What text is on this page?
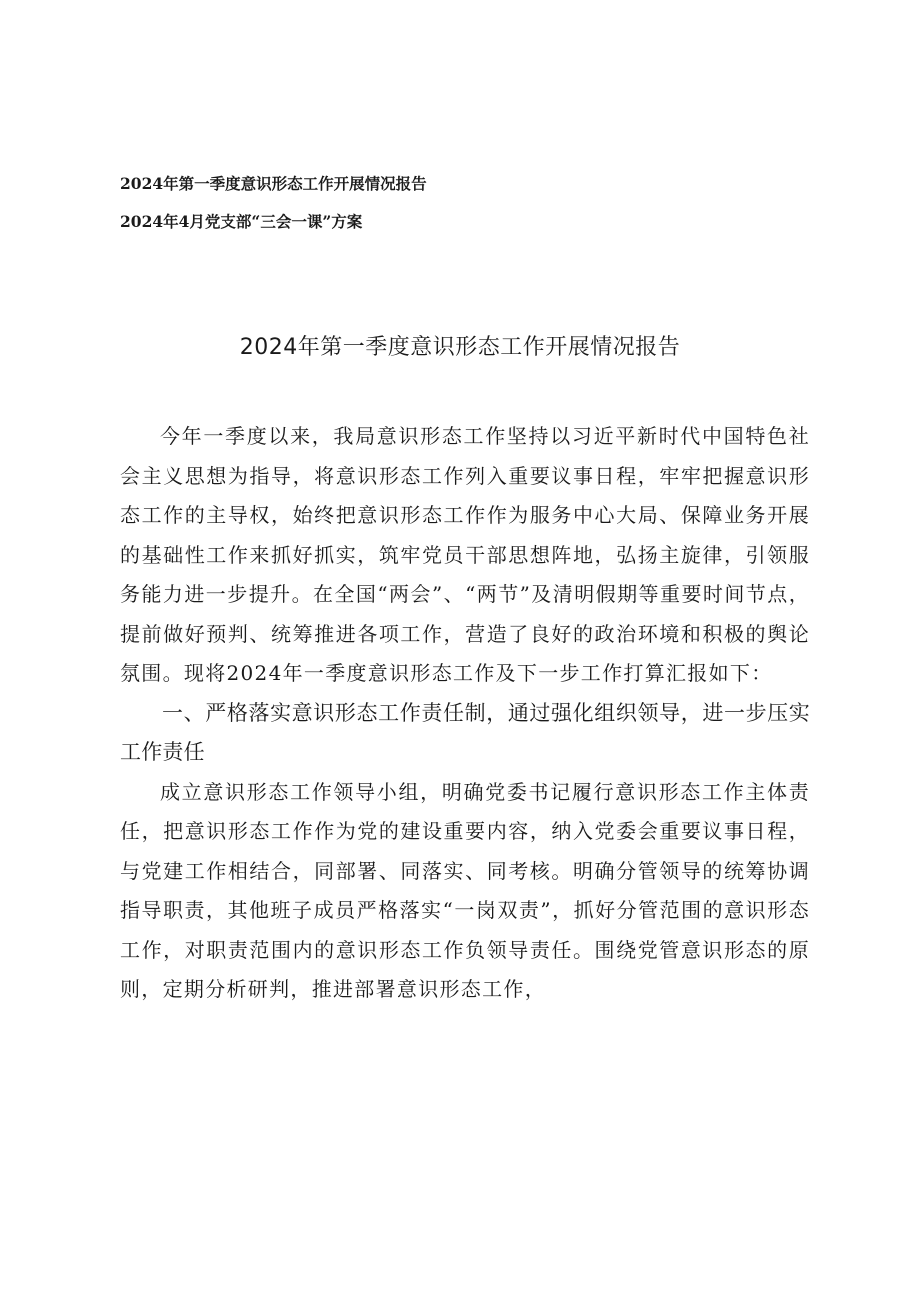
2024年第一季度意识形态工作开展情况报告
2024年4月党支部“三会一课”方案
2024年第一季度意识形态工作开展情况报告

今年一季度以来，我局意识形态工作坚持以习近平新时代中国特色社会主义思想为指导，将意识形态工作列入重要议事日程，牢牢把握意识形态工作的主导权，始终把意识形态工作作为服务中心大局、保障业务开展的基础性工作来抓好抓实，筑牢党员干部思想阵地，弘扬主旋律，引领服务能力进一步提升。在全国“两会”、“两节”及清明假期等重要时间节点，提前做好预判、统筹推进各项工作，营造了良好的政治环境和积极的舆论氛围。现将2024年一季度意识形态工作及下一步工作打算汇报如下：

一、严格落实意识形态工作责任制，通过强化组织领导，进一步压实工作责任

成立意识形态工作领导小组，明确党委书记履行意识形态工作主体责任，把意识形态工作作为党的建设重要内容，纳入党委会重要议事日程，与党建工作相结合，同部署、同落实、同考核。明确分管领导的统筹协调指导职责，其他班子成员严格落实“一岗双责”，抓好分管范围的意识形态工作，对职责范围内的意识形态工作负领导责任。围绕党管意识形态的原则，定期分析研判，推进部署意识形态工作，
